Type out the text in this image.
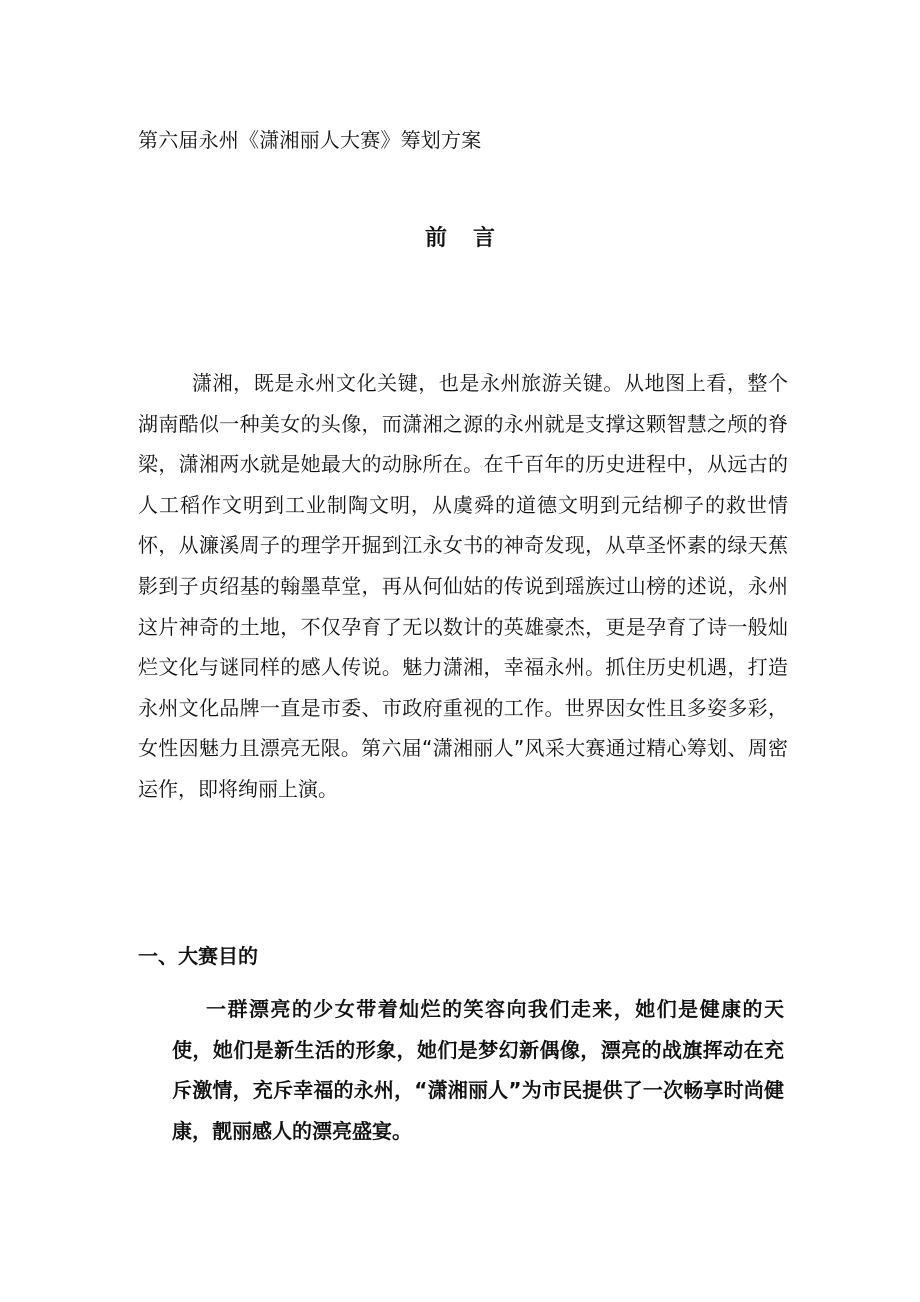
第六届永州《潇湘丽人大赛》筹划方案
前 言

潇湘，既是永州文化关键，也是永州旅游关键。从地图上看，整个湖南酷似一种美女的头像，而潇湘之源的永州就是支撑这颗智慧之颅的脊梁，潇湘两水就是她最大的动脉所在。在千百年的历史进程中，从远古的人工稻作文明到工业制陶文明，从虞舜的道德文明到元结柳子的救世情怀，从濂溪周子的理学开掘到江永女书的神奇发现，从草圣怀素的绿天蕉影到子贞绍基的翰墨草堂，再从何仙姑的传说到瑶族过山榜的述说，永州这片神奇的土地，不仅孕育了无以数计的英雄豪杰，更是孕育了诗一般灿烂文化与谜同样的感人传说。魅力潇湘，幸福永州。抓住历史机遇，打造永州文化品牌一直是市委、市政府重视的工作。世界因女性且多姿多彩，女性因魅力且漂亮无限。第六届“潇湘丽人”风采大赛通过精心筹划、周密运作，即将绚丽上演。

一、大赛目的

一群漂亮的少女带着灿烂的笑容向我们走来，她们是健康的天使，她们是新生活的形象，她们是梦幻新偶像，漂亮的战旗挥动在充斥激情，充斥幸福的永州，“潇湘丽人”为市民提供了一次畅享时尚健康，靓丽感人的漂亮盛宴。
